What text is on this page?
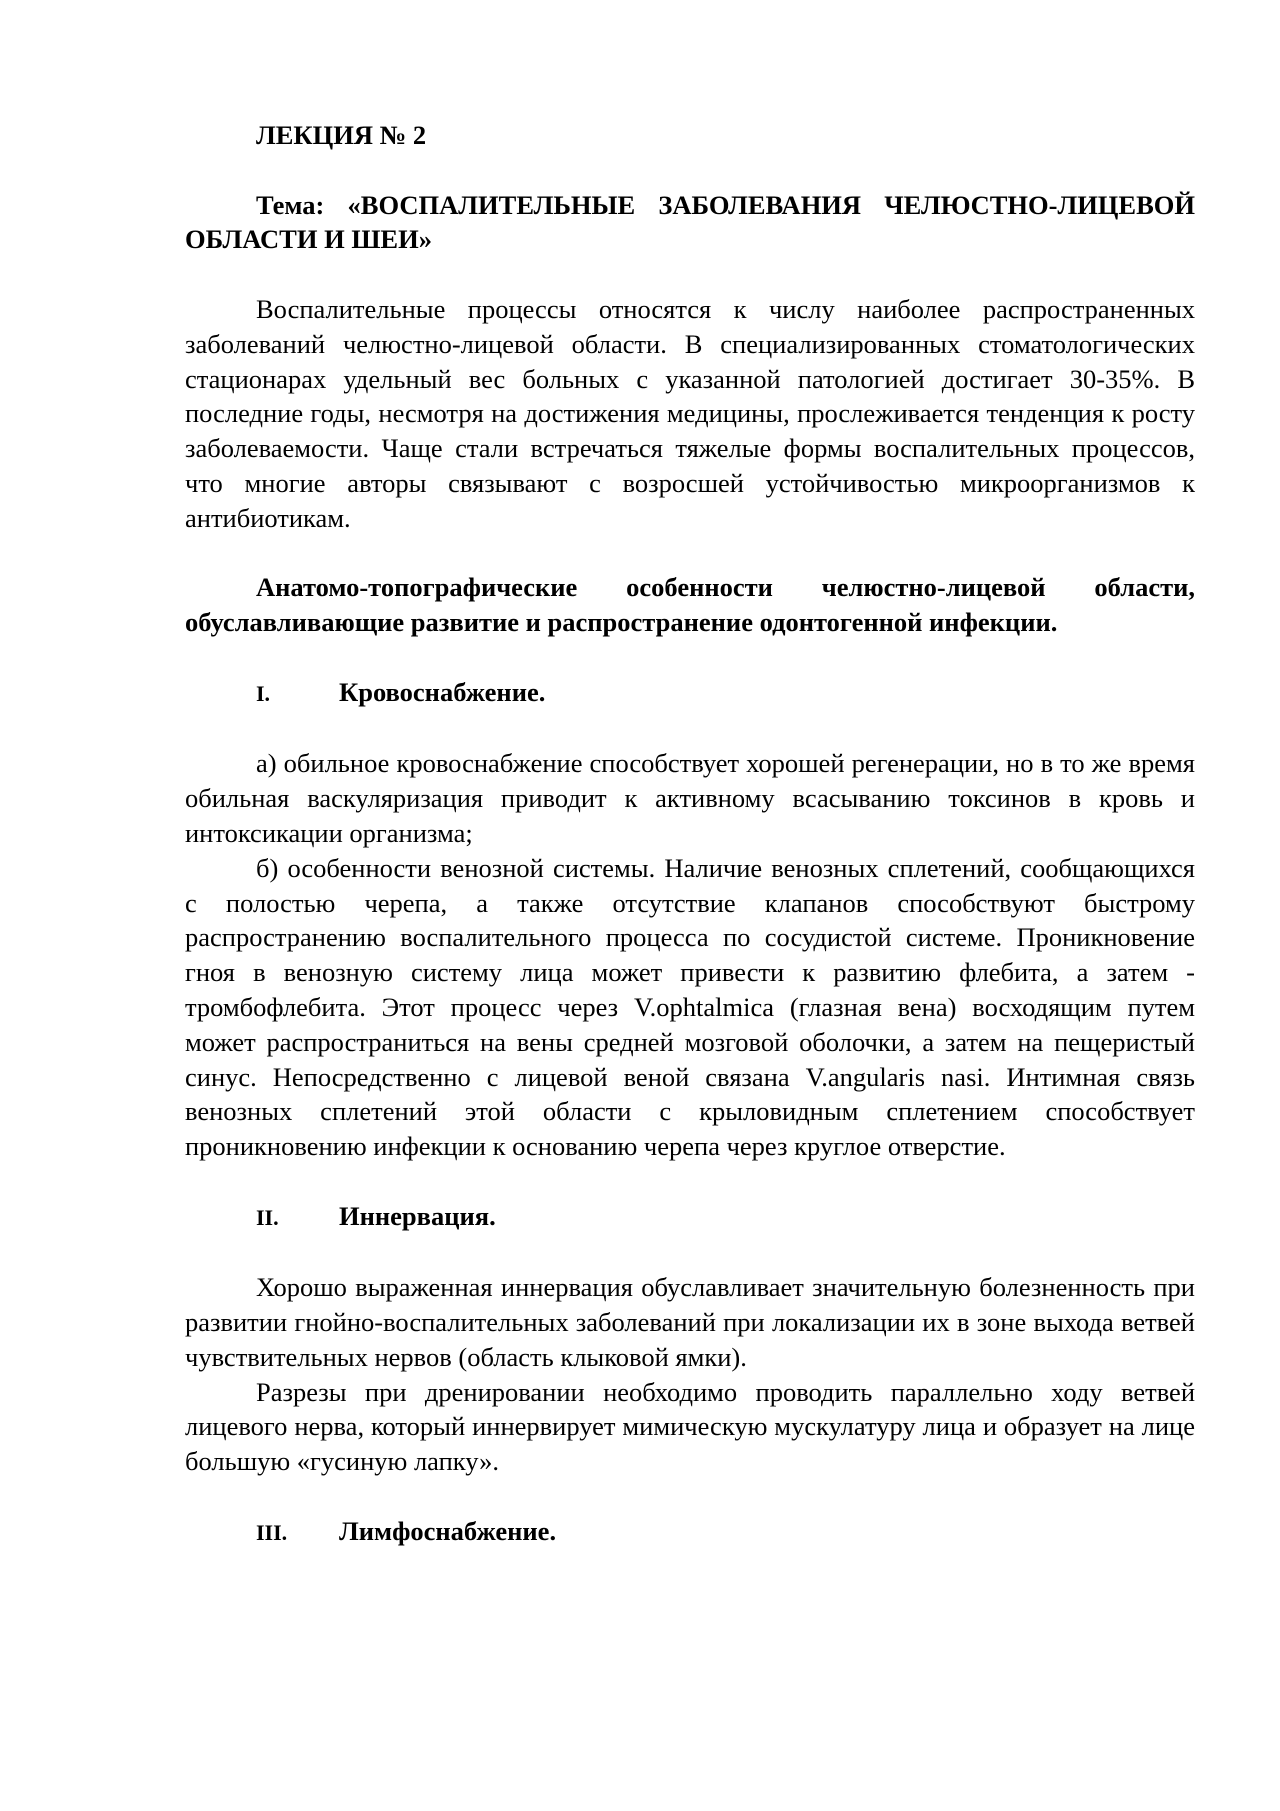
ЛЕКЦИЯ № 2

Тема: «ВОСПАЛИТЕЛЬНЫЕ ЗАБОЛЕВАНИЯ ЧЕЛЮСТНО-ЛИЦЕВОЙ ОБЛАСТИ И ШЕИ»

Воспалительные процессы относятся к числу наиболее распространенных заболеваний челюстно-лицевой области. В специализированных стоматологических стационарах удельный вес больных с указанной патологией достигает 30-35%. В последние годы, несмотря на достижения медицины, прослеживается тенденция к росту заболеваемости. Чаще стали встречаться тяжелые формы воспалительных процессов, что многие авторы связывают с возросшей устойчивостью микроорганизмов к антибиотикам.

Анатомо-топографические особенности челюстно-лицевой области, обуславливающие развитие и распространение одонтогенной инфекции.

I.	Кровоснабжение.

а) обильное кровоснабжение способствует хорошей регенерации, но в то же время обильная васкуляризация приводит к активному всасыванию токсинов в кровь и интоксикации организма;

б) особенности венозной системы. Наличие венозных сплетений, сообщающихся с полостью черепа, а также отсутствие клапанов способствуют быстрому распространению воспалительного процесса по сосудистой системе. Проникновение гноя в венозную систему лица может привести к развитию флебита, а затем - тромбофлебита. Этот процесс через V.ophtalmica (глазная вена) восходящим путем может распространиться на вены средней мозговой оболочки, а затем на пещеристый синус. Непосредственно с лицевой веной связана V.angularis nasi. Интимная связь венозных сплетений этой области с крыловидным сплетением способствует проникновению инфекции к основанию черепа через круглое отверстие.

II.	Иннервация.

Хорошо выраженная иннервация обуславливает значительную болезненность при развитии гнойно-воспалительных заболеваний при локализации их в зоне выхода ветвей чувствительных нервов (область клыковой ямки).

Разрезы при дренировании необходимо проводить параллельно ходу ветвей лицевого нерва, который иннервирует мимическую мускулатуру лица и образует на лице большую «гусиную лапку».

III.	Лимфоснабжение.
